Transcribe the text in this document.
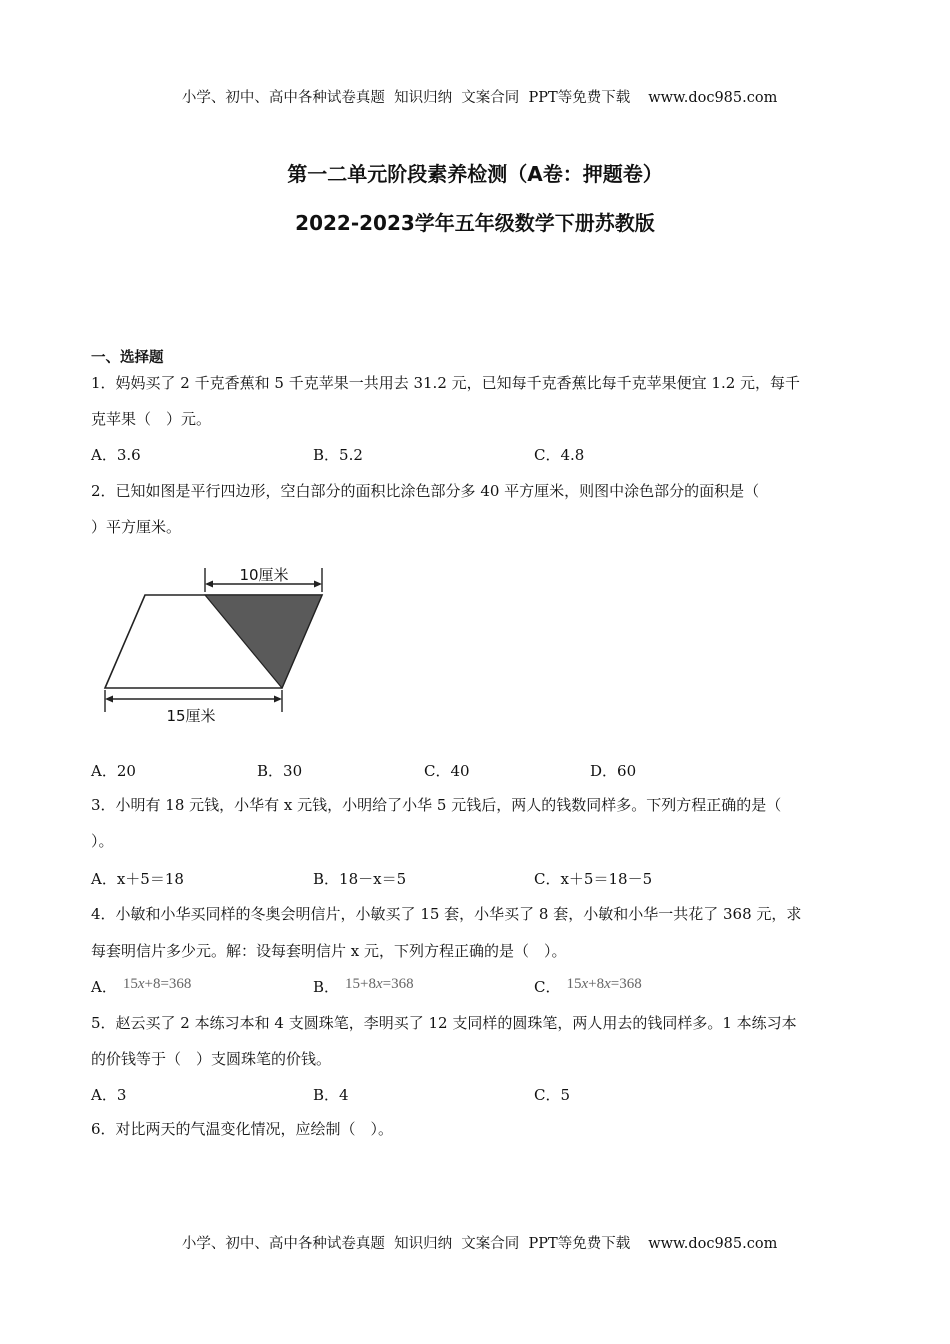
小学、初中、高中各种试卷真题  知识归纳  文案合同  PPT等免费下载 www.doc985.com

第一二单元阶段素养检测（A卷：押题卷）
2022-2023学年五年级数学下册苏教版
一、选择题
1．妈妈买了 2 千克香蕉和 5 千克苹果一共用去 31.2 元，已知每千克香蕉比每千克苹果便宜 1.2 元，每千
克苹果（　）元。
A．3.6	B．5.2	C．4.8
2．已知如图是平行四边形，空白部分的面积比涂色部分多 40 平方厘米，则图中涂色部分的面积是（
）平方厘米。
10厘米
15厘米
A．20	B．30	C．40	D．60
3．小明有 18 元钱，小华有 x 元钱，小明给了小华 5 元钱后，两人的钱数同样多。下列方程正确的是（
）。
A．x＋5＝18	B．18－x＝5	C．x＋5＝18－5
4．小敏和小华买同样的冬奥会明信片，小敏买了 15 套，小华买了 8 套，小敏和小华一共花了 368 元，求
每套明信片多少元。解：设每套明信片 x 元，下列方程正确的是（　）。
A． 15x+8=368	B． 15+8x=368	C． 15x+8x=368
5．赵云买了 2 本练习本和 4 支圆珠笔，李明买了 12 支同样的圆珠笔，两人用去的钱同样多。1 本练习本
的价钱等于（　）支圆珠笔的价钱。
A．3	B．4	C．5
6．对比两天的气温变化情况，应绘制（　）。

小学、初中、高中各种试卷真题  知识归纳  文案合同  PPT等免费下载 www.doc985.com
